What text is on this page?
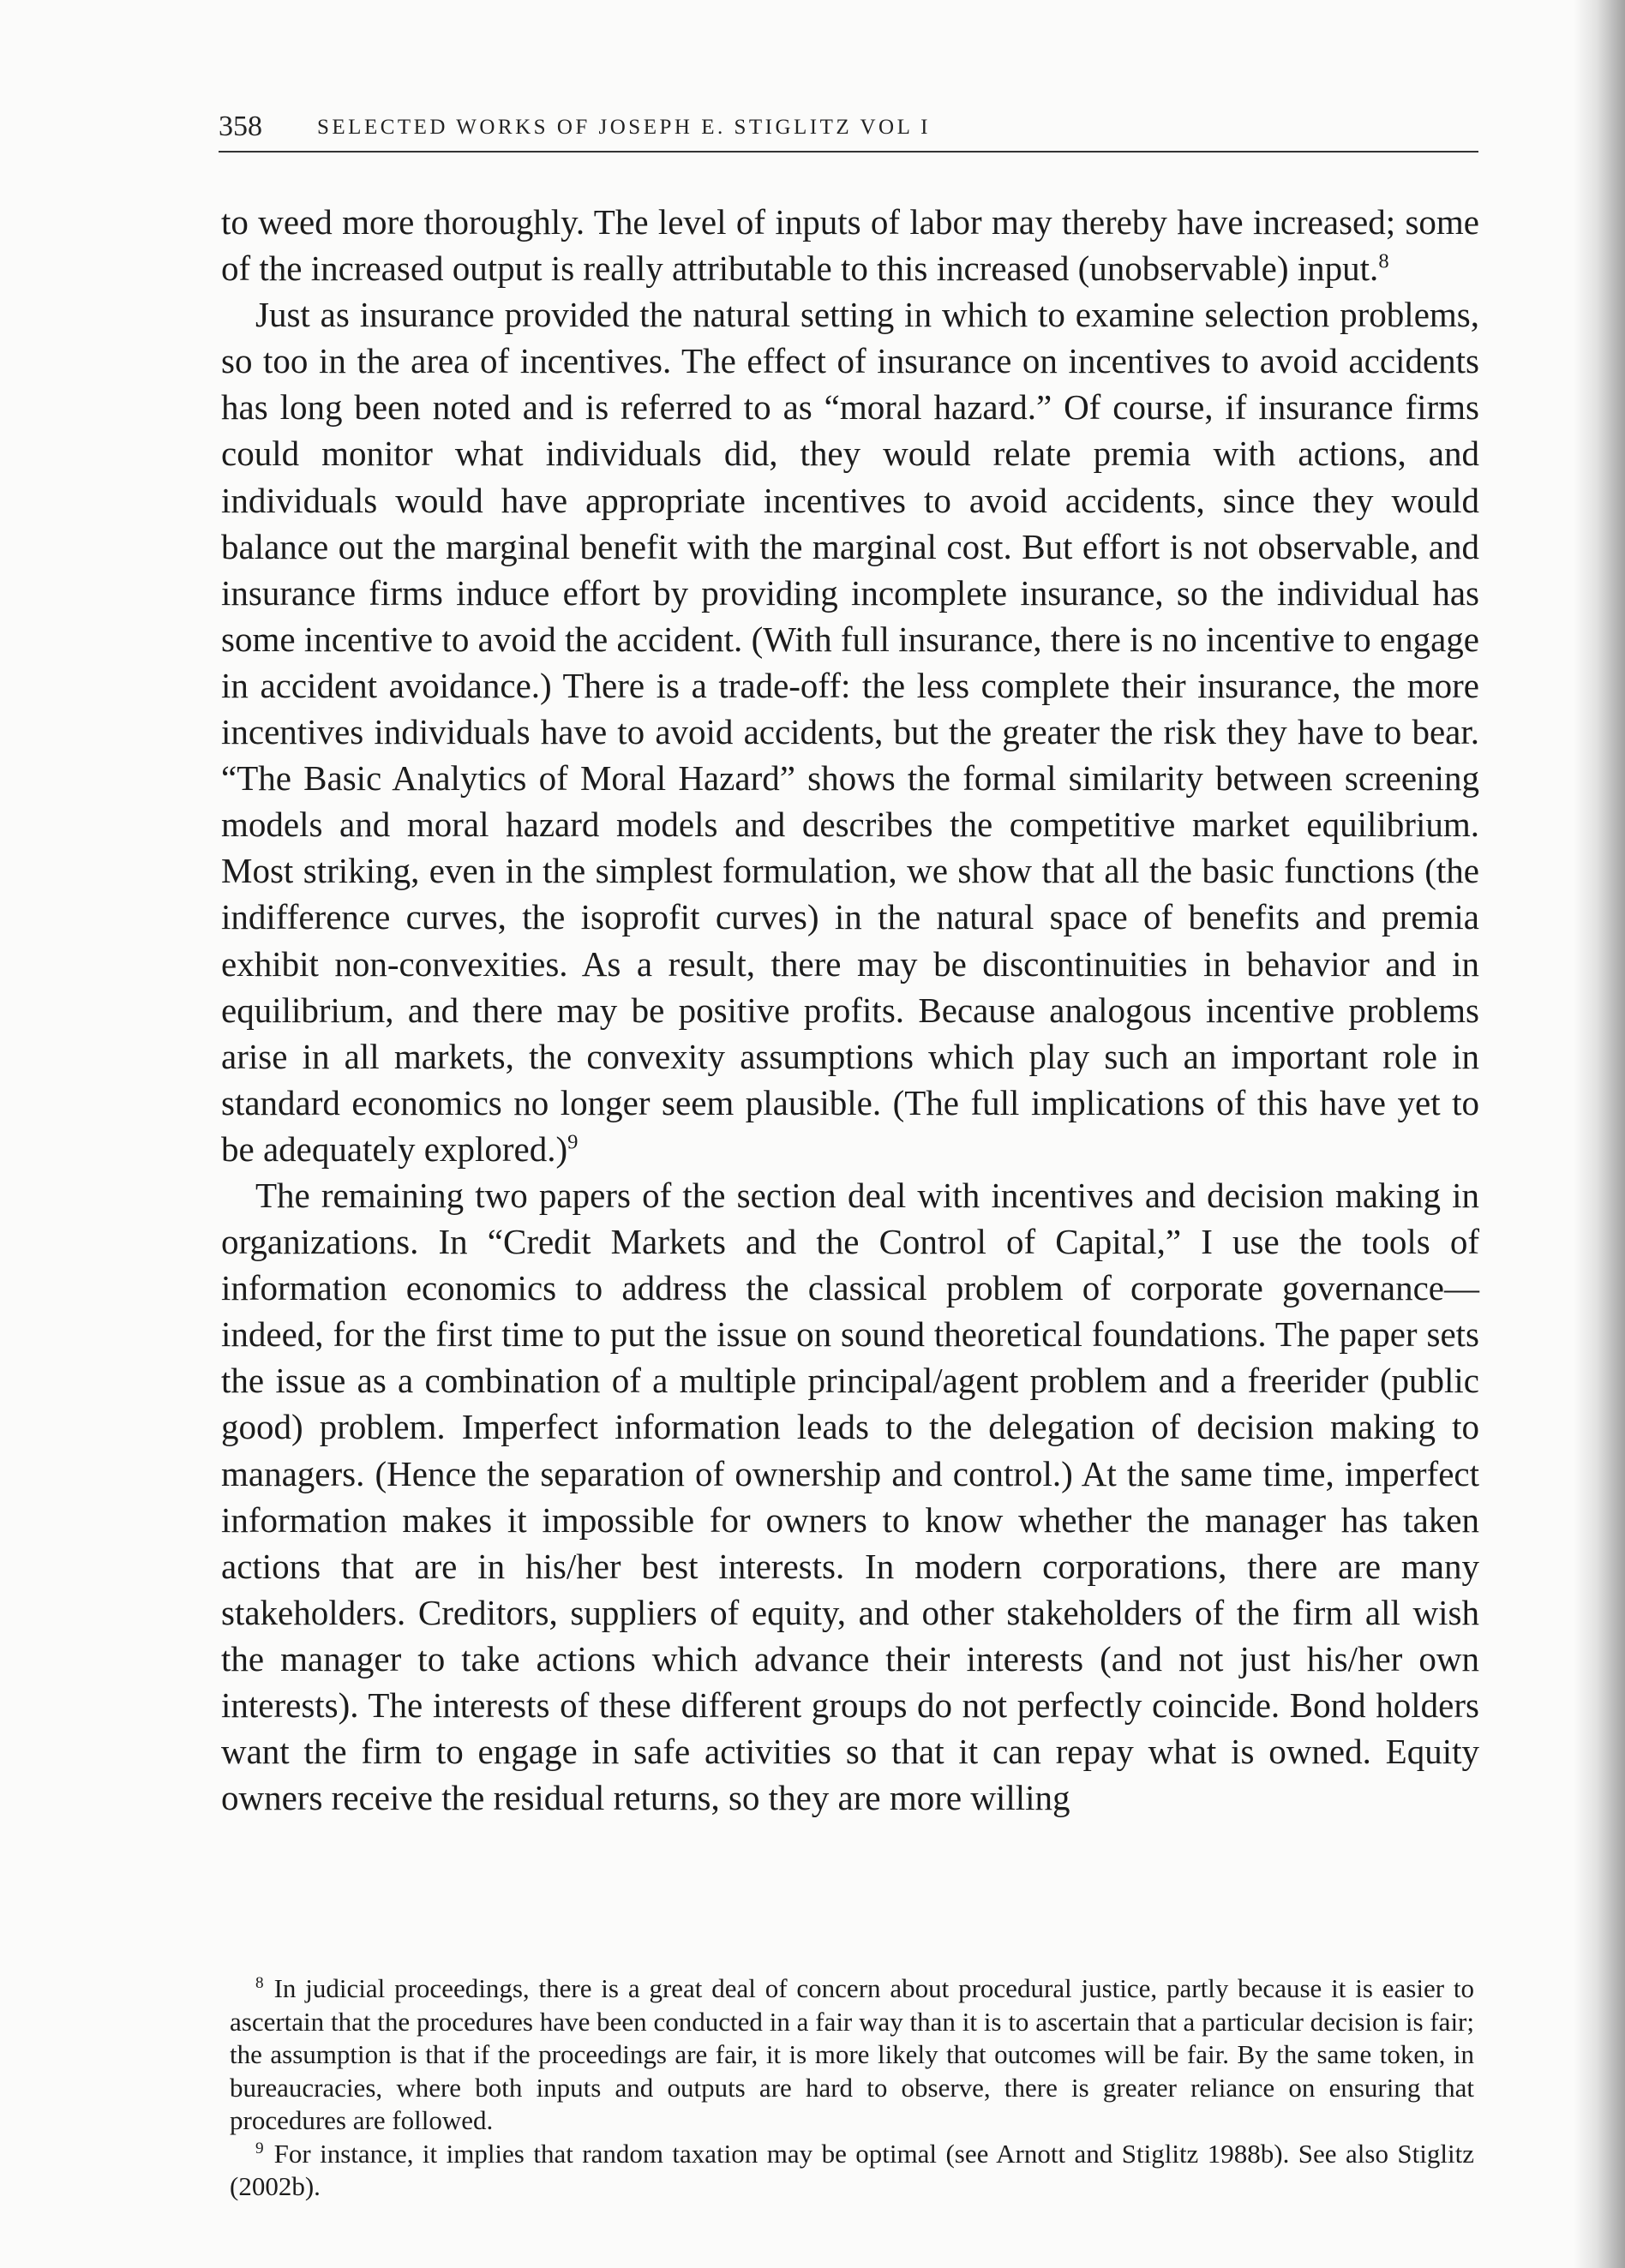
358	SELECTED WORKS OF JOSEPH E. STIGLITZ VOL I

to weed more thoroughly. The level of inputs of labor may thereby have increased; some of the increased output is really attributable to this increased (unobservable) input.$^8$

Just as insurance provided the natural setting in which to examine selection problems, so too in the area of incentives. The effect of insurance on incentives to avoid accidents has long been noted and is referred to as “moral hazard.” Of course, if insurance firms could monitor what individuals did, they would relate premia with actions, and individuals would have appropriate incentives to avoid accidents, since they would balance out the marginal benefit with the marginal cost. But effort is not observable, and insurance firms induce effort by providing incomplete insurance, so the individual has some incentive to avoid the accident. (With full insurance, there is no incentive to engage in accident avoidance.) There is a trade-off: the less complete their insurance, the more incentives individuals have to avoid accidents, but the greater the risk they have to bear. “The Basic Analytics of Moral Hazard” shows the formal similarity between screening models and moral hazard models and describes the competitive market equilibrium. Most striking, even in the simplest formulation, we show that all the basic functions (the indifference curves, the isoprofit curves) in the natural space of benefits and premia exhibit non-convexities. As a result, there may be discontinuities in behavior and in equilibrium, and there may be positive profits. Because analogous incentive problems arise in all markets, the convexity assumptions which play such an important role in standard economics no longer seem plausible. (The full implications of this have yet to be adequately explored.)$^9$

The remaining two papers of the section deal with incentives and decision making in organizations. In “Credit Markets and the Control of Capital,” I use the tools of information economics to address the classical problem of corporate governance—indeed, for the first time to put the issue on sound theoretical foundations. The paper sets the issue as a combination of a multiple principal/agent problem and a freerider (public good) problem. Imperfect information leads to the delegation of decision making to managers. (Hence the separation of ownership and control.) At the same time, imperfect information makes it impossible for owners to know whether the manager has taken actions that are in his/her best interests. In modern corporations, there are many stakeholders. Creditors, suppliers of equity, and other stakeholders of the firm all wish the manager to take actions which advance their interests (and not just his/her own interests). The interests of these different groups do not perfectly coincide. Bond holders want the firm to engage in safe activities so that it can repay what is owned. Equity owners receive the residual returns, so they are more willing

$^8$ In judicial proceedings, there is a great deal of concern about procedural justice, partly because it is easier to ascertain that the procedures have been conducted in a fair way than it is to ascertain that a particular decision is fair; the assumption is that if the proceedings are fair, it is more likely that outcomes will be fair. By the same token, in bureaucracies, where both inputs and outputs are hard to observe, there is greater reliance on ensuring that procedures are followed.

$^9$ For instance, it implies that random taxation may be optimal (see Arnott and Stiglitz 1988b). See also Stiglitz (2002b).
